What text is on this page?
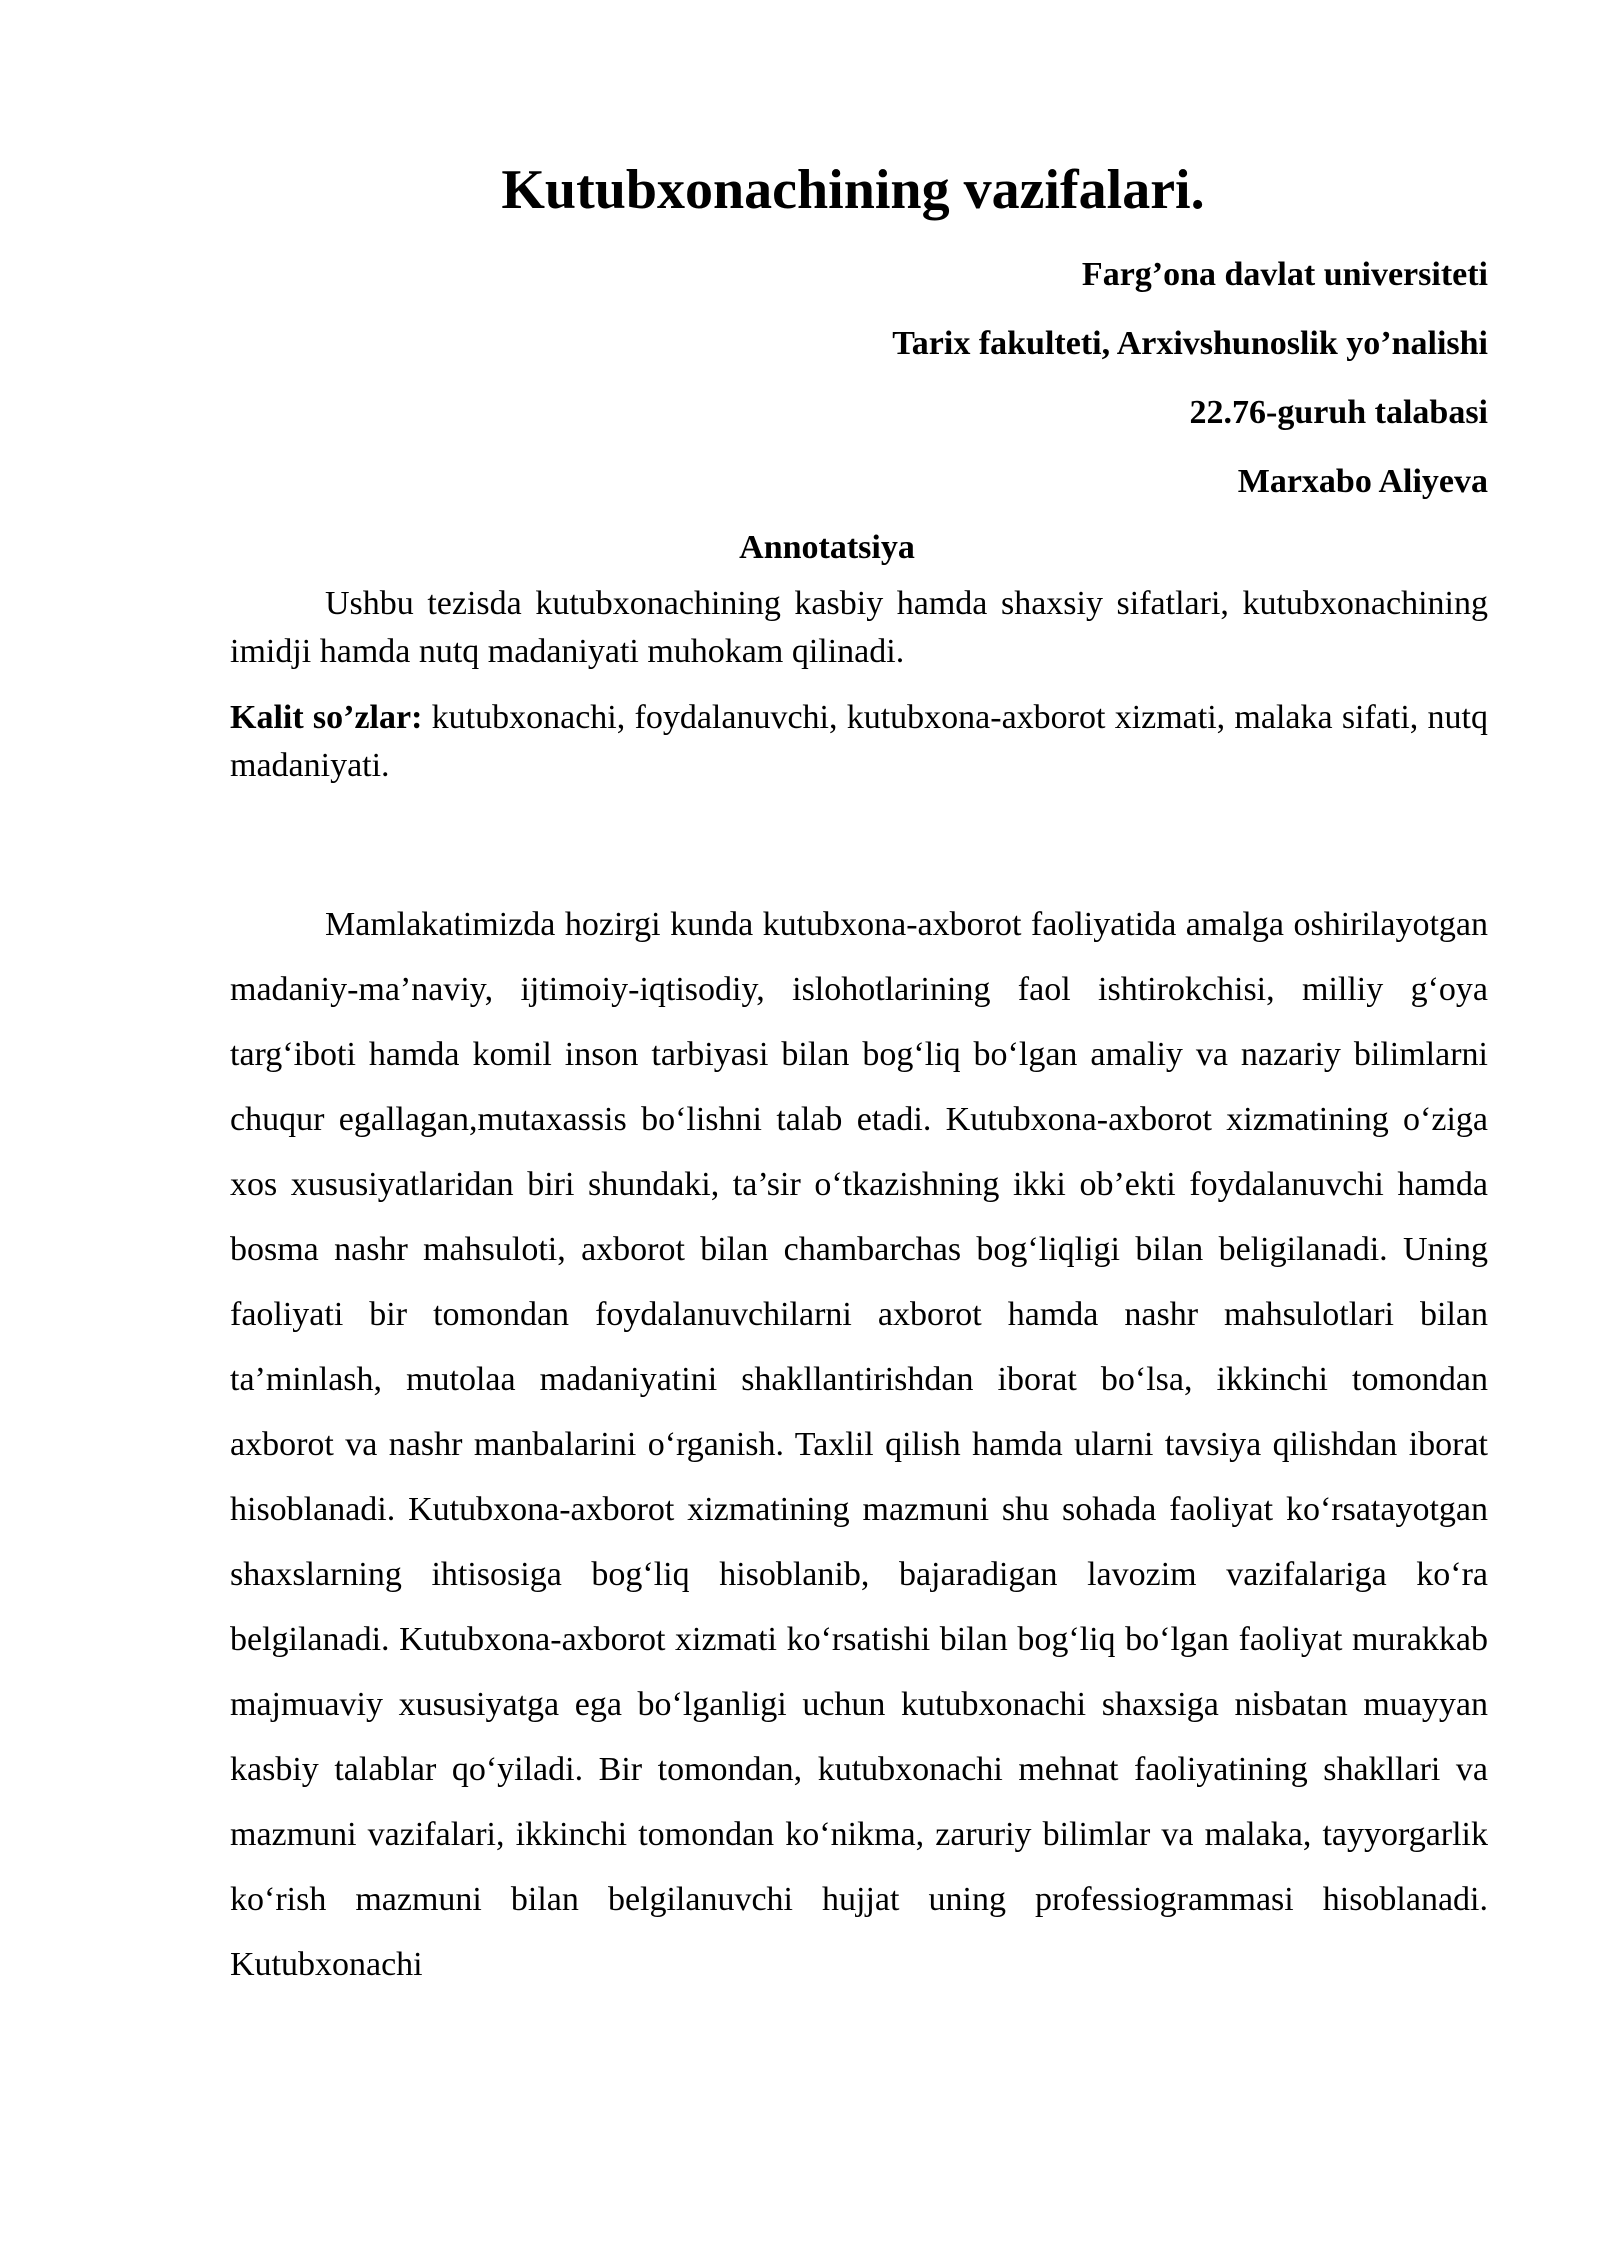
Kutubxonachining vazifalari.
Farg’ona davlat universiteti
Tarix fakulteti, Arxivshunoslik yo’nalishi
22.76-guruh talabasi
Marxabo Aliyeva
Annotatsiya

Ushbu tezisda kutubxonachining kasbiy hamda shaxsiy sifatlari, kutubxonachining imidji hamda nutq madaniyati muhokam qilinadi.

Kalit so’zlar: kutubxonachi, foydalanuvchi, kutubxona-axborot xizmati, malaka sifati, nutq madaniyati.
Mamlakatimizda hozirgi kunda kutubxona-axborot faoliyatida amalga oshirilayotgan madaniy-ma’naviy, ijtimoiy-iqtisodiy, islohotlarining faol ishtirokchisi, milliy g‘oya targ‘iboti hamda komil inson tarbiyasi bilan bog‘liq bo‘lgan amaliy va nazariy bilimlarni chuqur egallagan,mutaxassis bo‘lishni talab etadi. Kutubxona-axborot xizmatining o‘ziga xos xususiyatlaridan biri shundaki, ta’sir o‘tkazishning ikki ob’ekti foydalanuvchi hamda bosma nashr mahsuloti, axborot bilan chambarchas bog‘liqligi bilan beligilanadi. Uning faoliyati bir tomondan foydalanuvchilarni axborot hamda nashr mahsulotlari bilan ta’minlash, mutolaa madaniyatini shakllantirishdan iborat bo‘lsa, ikkinchi tomondan axborot va nashr manbalarini o‘rganish. Taxlil qilish hamda ularni tavsiya qilishdan iborat hisoblanadi. Kutubxona-axborot xizmatining mazmuni shu sohada faoliyat ko‘rsatayotgan shaxslarning ihtisosiga bog‘liq hisoblanib, bajaradigan lavozim vazifalariga ko‘ra belgilanadi. Kutubxona-axborot xizmati ko‘rsatishi bilan bog‘liq bo‘lgan faoliyat murakkab majmuaviy xususiyatga ega bo‘lganligi uchun kutubxonachi shaxsiga nisbatan muayyan kasbiy talablar qo‘yiladi. Bir tomondan, kutubxonachi mehnat faoliyatining shakllari va mazmuni vazifalari, ikkinchi tomondan ko‘nikma, zaruriy bilimlar va malaka, tayyorgarlik ko‘rish mazmuni bilan belgilanuvchi hujjat uning professiogrammasi hisoblanadi. Kutubxonachi
